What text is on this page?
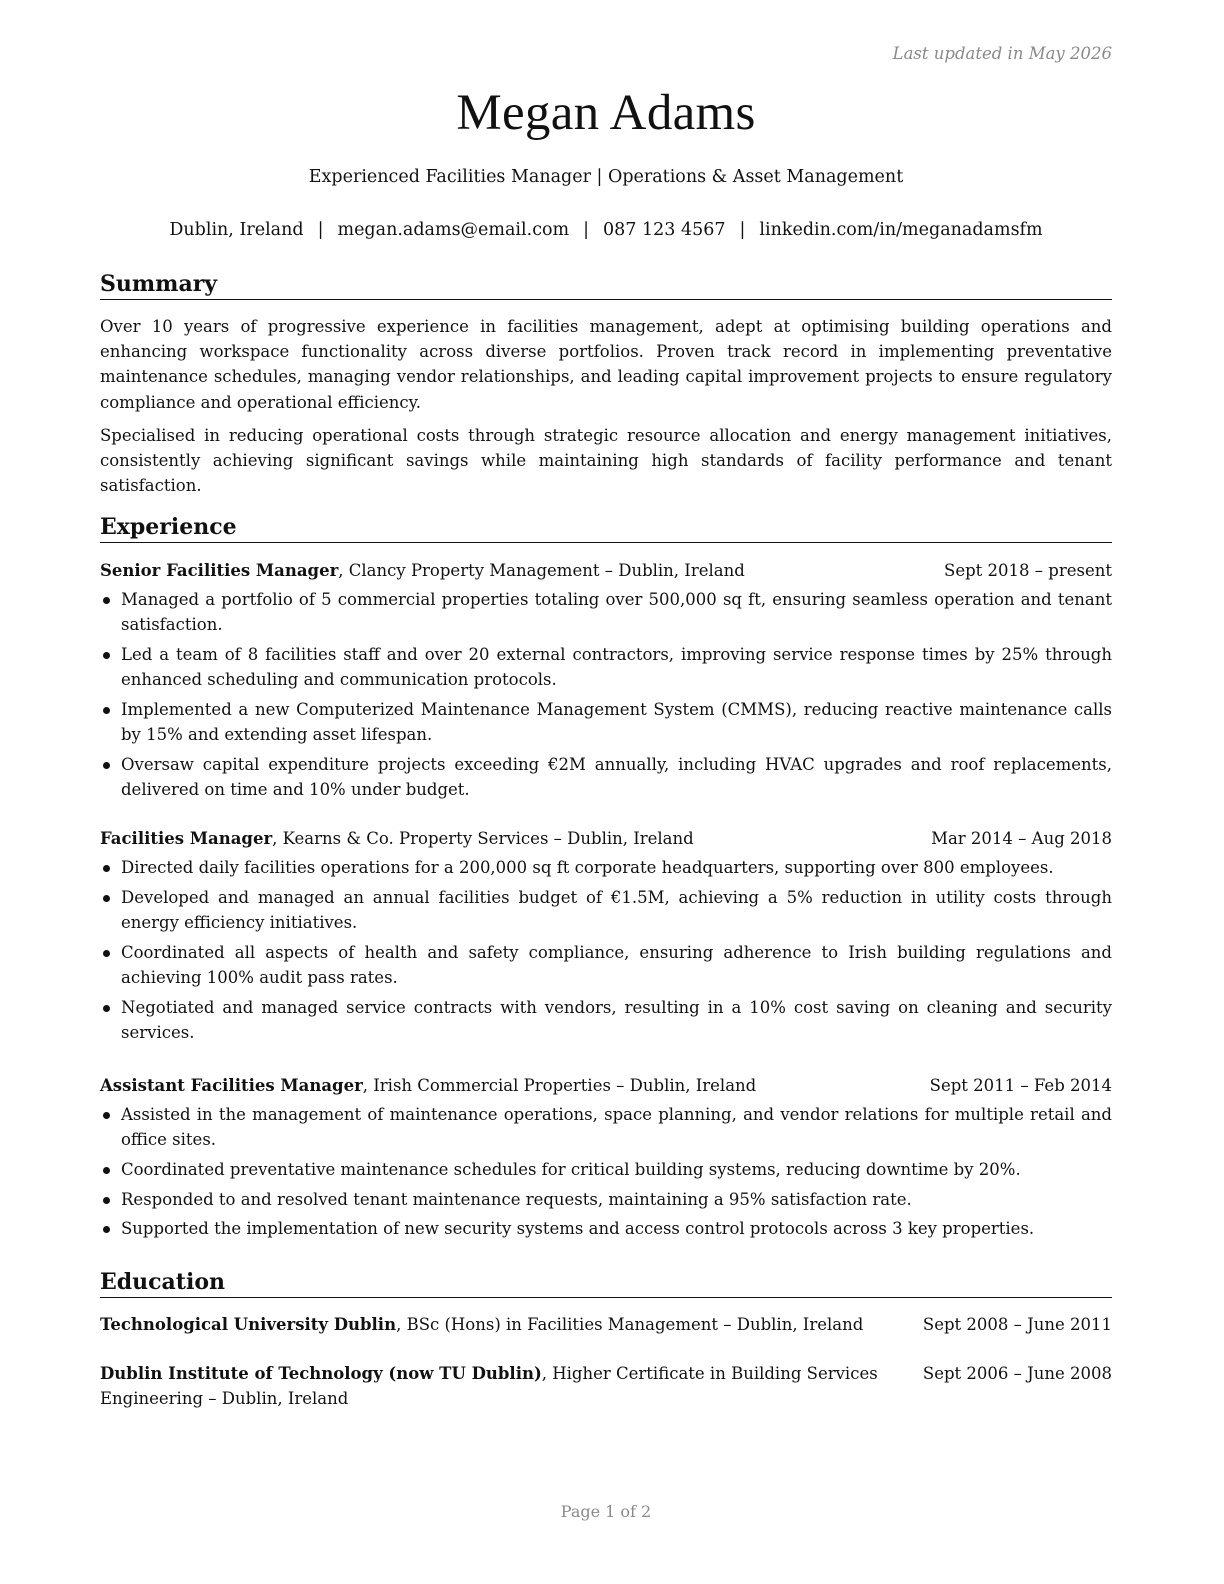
Last updated in May 2026
Megan Adams
Experienced Facilities Manager | Operations & Asset Management
Dublin, Ireland | megan.adams@email.com | 087 123 4567 | linkedin.com/in/meganadamsfm
Summary

Over 10 years of progressive experience in facilities management, adept at optimising building operations and enhancing workspace functionality across diverse portfolios. Proven track record in implementing preventative maintenance schedules, managing vendor relationships, and leading capital improvement projects to ensure regulatory compliance and operational efficiency.

Specialised in reducing operational costs through strategic resource allocation and energy management initiatives, consistently achieving significant savings while maintaining high standards of facility performance and tenant satisfaction.

Experience
Senior Facilities Manager, Clancy Property Management – Dublin, Ireland	Sept 2018 – present
Managed a portfolio of 5 commercial properties totaling over 500,000 sq ft, ensuring seamless operation and tenant satisfaction.
Led a team of 8 facilities staff and over 20 external contractors, improving service response times by 25% through enhanced scheduling and communication protocols.
Implemented a new Computerized Maintenance Management System (CMMS), reducing reactive maintenance calls by 15% and extending asset lifespan.
Oversaw capital expenditure projects exceeding €2M annually, including HVAC upgrades and roof replacements, delivered on time and 10% under budget.
Facilities Manager, Kearns & Co. Property Services – Dublin, Ireland	Mar 2014 – Aug 2018
Directed daily facilities operations for a 200,000 sq ft corporate headquarters, supporting over 800 employees.
Developed and managed an annual facilities budget of €1.5M, achieving a 5% reduction in utility costs through energy efficiency initiatives.
Coordinated all aspects of health and safety compliance, ensuring adherence to Irish building regulations and achieving 100% audit pass rates.
Negotiated and managed service contracts with vendors, resulting in a 10% cost saving on cleaning and security services.
Assistant Facilities Manager, Irish Commercial Properties – Dublin, Ireland	Sept 2011 – Feb 2014
Assisted in the management of maintenance operations, space planning, and vendor relations for multiple retail and office sites.
Coordinated preventative maintenance schedules for critical building systems, reducing downtime by 20%.
Responded to and resolved tenant maintenance requests, maintaining a 95% satisfaction rate.
Supported the implementation of new security systems and access control protocols across 3 key properties.
Education
Technological University Dublin, BSc (Hons) in Facilities Management – Dublin, Ireland	Sept 2008 – June 2011
Dublin Institute of Technology (now TU Dublin), Higher Certificate in Building Services Engineering – Dublin, Ireland
Sept 2006 – June 2008
Page 1 of 2
